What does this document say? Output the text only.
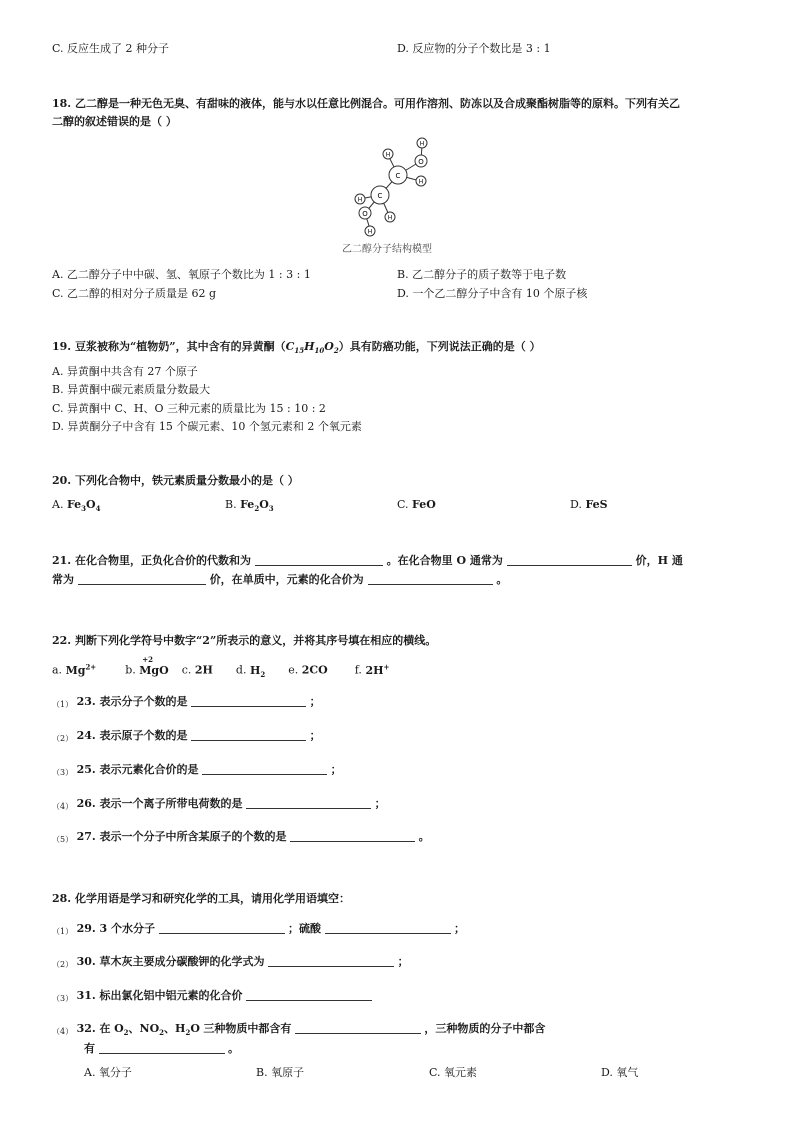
C. 反应生成了 2 种分子	D. 反应物的分子个数比是 3 : 1
18. 乙二醇是一种无色无臭、有甜味的液体，能与水以任意比例混合。可用作溶剂、防冻以及合成聚酯树脂等的原料。下列有关乙
二醇的叙述错误的是（ ）
C
C
O
O
H
H
H
H
H
H
乙二醇分子结构模型
A. 乙二醇分子中中碳、氢、氧原子个数比为 1 : 3 : 1	B. 乙二醇分子的质子数等于电子数
C. 乙二醇的相对分子质量是 62 g	D. 一个乙二醇分子中含有 10 个原子核
19. 豆浆被称为“植物奶”，其中含有的异黄酮$(C_{15}H_{10}O_2)$具有防癌功能，下列说法正确的是（ ）
A. 异黄酮中共含有 27 个原子
B. 异黄酮中碳元素质量分数最大
C. 异黄酮中 C、H、O 三种元素的质量比为 15 : 10 : 2
D. 异黄酮分子中含有 15 个碳元素、10 个氢元素和 2 个氧元素
20. 下列化合物中，铁元素质量分数最小的是（ ）
A. $Fe_3O_4$	B. $Fe_2O_3$	C. FeO	D. FeS
21. 在化合物里，正负化合价的代数和为	。在化合物里 O 通常为	价，H 通
常为	价，在单质中，元素的化合价为	。
22. 判断下列化学符号中数字“2”所表示的意义，并将其序号填在相应的横线。
a. $Mg^{2+}$	b.
+2
MgO c. 2H d. $H_2$ e. 2CO f. 2H+
（1） 23. 表示分子个数的是	；
（2） 24. 表示原子个数的是	；
（3） 25. 表示元素化合价的是	；
（4） 26. 表示一个离子所带电荷数的是	；
（5） 27. 表示一个分子中所含某原子的个数的是	。
28. 化学用语是学习和研究化学的工具，请用化学用语填空：
（1） 29. 3 个水分子	；硫酸	；
（2） 30. 草木灰主要成分碳酸钾的化学式为	；
（3） 31. 标出氯化铝中铝元素的化合价
（4） 32. 在 $O_2$、$NO_2$、$H_2O$ 三种物质中都含有	，三种物质的分子中都含
有	。
A. 氧分子	B. 氧原子	C. 氧元素	D. 氧气
